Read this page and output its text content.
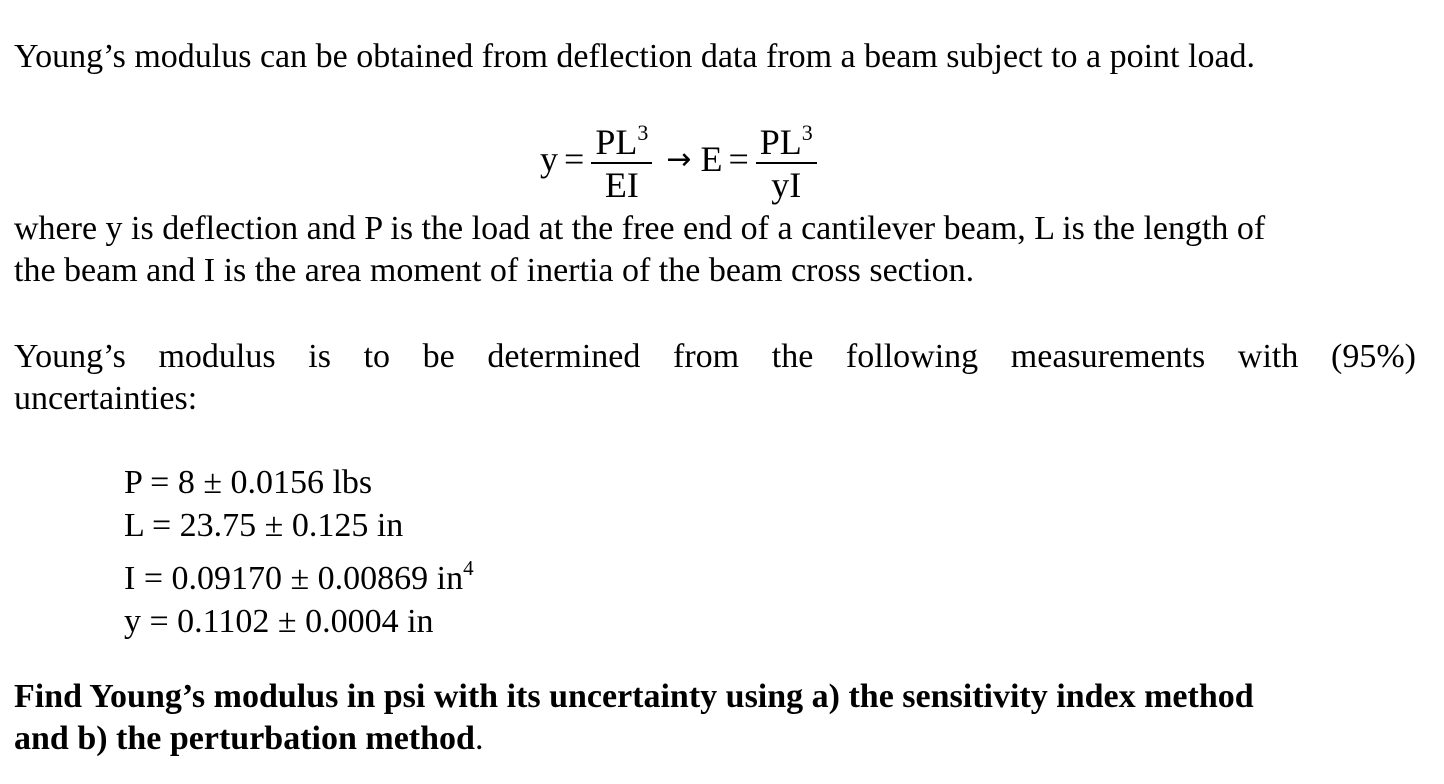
Young’s modulus can be obtained from deflection data from a beam subject to a point load.

$y = \frac{PL^3}{EI} \to E = \frac{PL^3}{yI}$
where y is deflection and P is the load at the free end of a cantilever beam, L is the length of
the beam and I is the area moment of inertia of the beam cross section.
Young’s modulus is to be determined from the following measurements with (95%)
uncertainties:
P = 8 ± 0.0156 lbs
L = 23.75 ± 0.125 in
I = 0.09170 ± 0.00869 $in^4$
y = 0.1102 ± 0.0004 in
Find Young’s modulus in psi with its uncertainty using a) the sensitivity index method
and b) the perturbation method.
